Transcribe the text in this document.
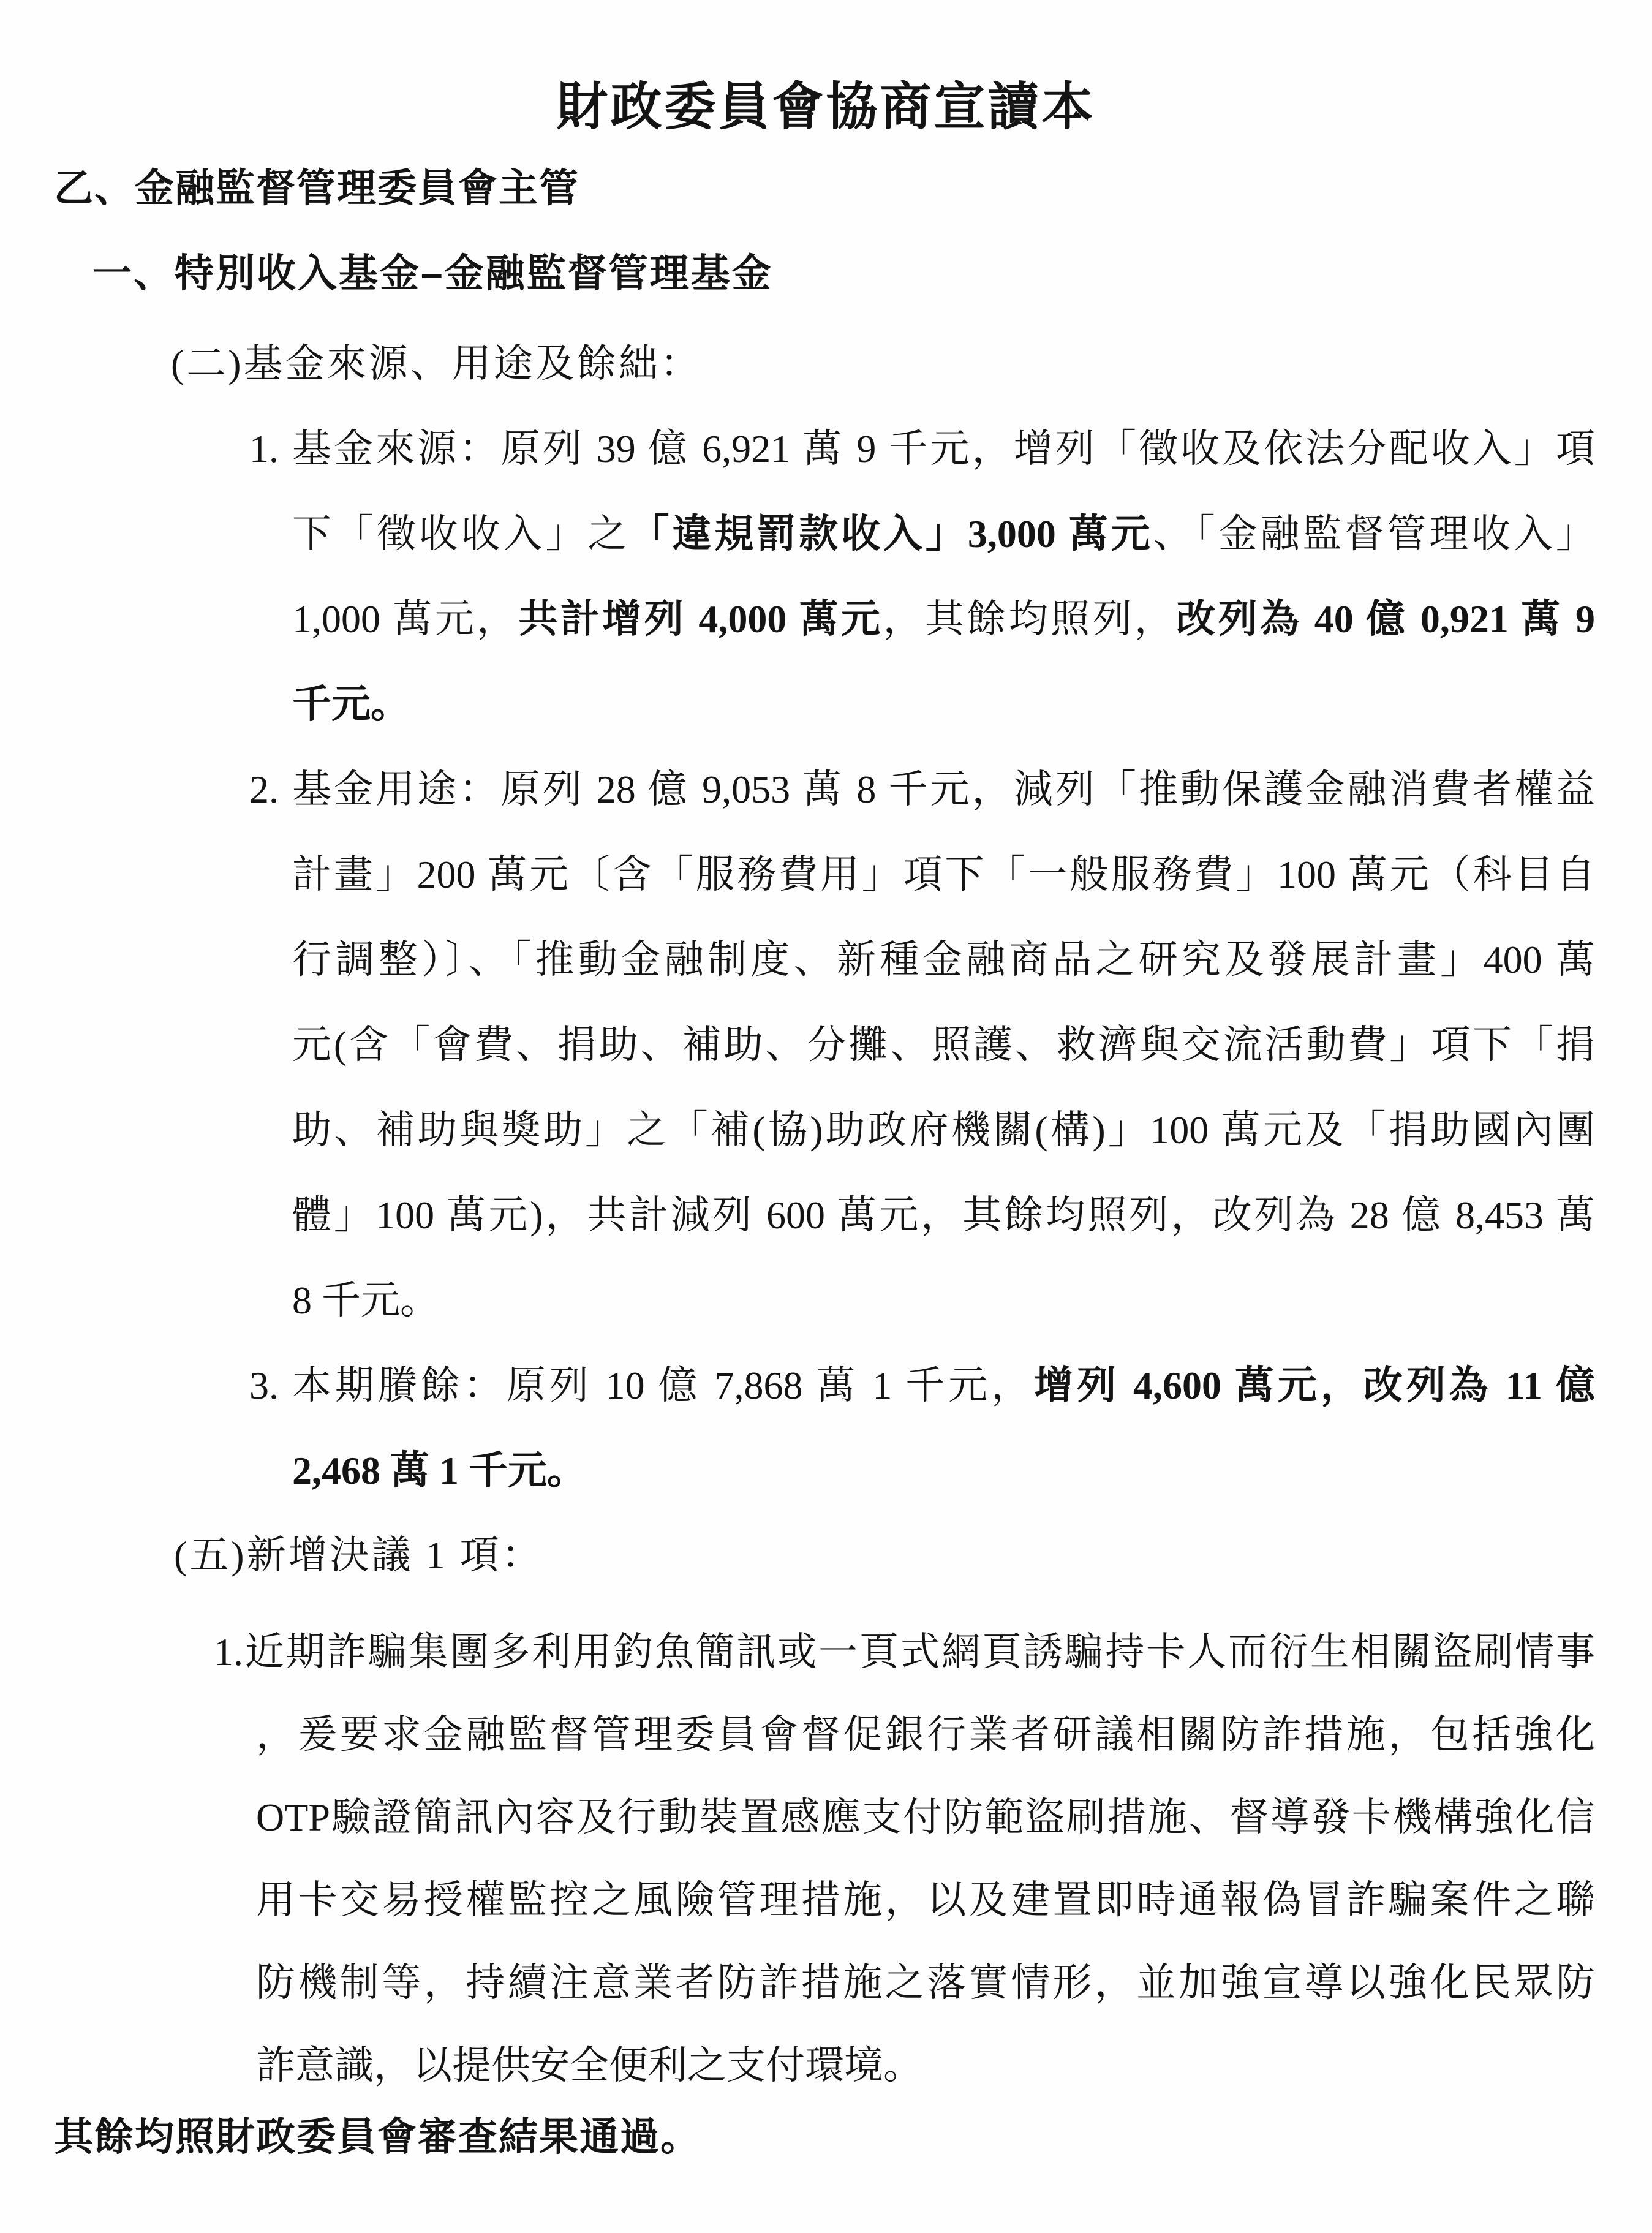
財政委員會協商宣讀本
乙、金融監督管理委員會主管
一、特別收入基金–金融監督管理基金
(二)基金來源、用途及餘絀：
1. 基金來源：原列 39 億 6,921 萬 9 千元，增列「徵收及依法分配收入」項
下「徵收收入」之「違規罰款收入」3,000 萬元、「金融監督管理收入」
1,000 萬元，共計增列 4,000 萬元，其餘均照列，改列為 40 億 0,921 萬 9
千元。
2. 基金用途：原列 28 億 9,053 萬 8 千元，減列「推動保護金融消費者權益
計畫」200 萬元〔含「服務費用」項下「一般服務費」100 萬元（科目自
行調整）〕、「推動金融制度、新種金融商品之研究及發展計畫」400 萬
元(含「會費、捐助、補助、分攤、照護、救濟與交流活動費」項下「捐
助、補助與獎助」之「補(協)助政府機關(構)」100 萬元及「捐助國內團
體」100 萬元)，共計減列 600 萬元，其餘均照列，改列為 28 億 8,453 萬
8 千元。
3. 本期賸餘：原列 10 億 7,868 萬 1 千元，增列 4,600 萬元，改列為 11 億
2,468 萬 1 千元。
(五)新增決議 1 項：
1.近期詐騙集團多利用釣魚簡訊或一頁式網頁誘騙持卡人而衍生相關盜刷情事
，爰要求金融監督管理委員會督促銀行業者研議相關防詐措施，包括強化
OTP驗證簡訊內容及行動裝置感應支付防範盜刷措施、督導發卡機構強化信
用卡交易授權監控之風險管理措施，以及建置即時通報偽冒詐騙案件之聯
防機制等，持續注意業者防詐措施之落實情形，並加強宣導以強化民眾防
詐意識，以提供安全便利之支付環境。
其餘均照財政委員會審查結果通過。
